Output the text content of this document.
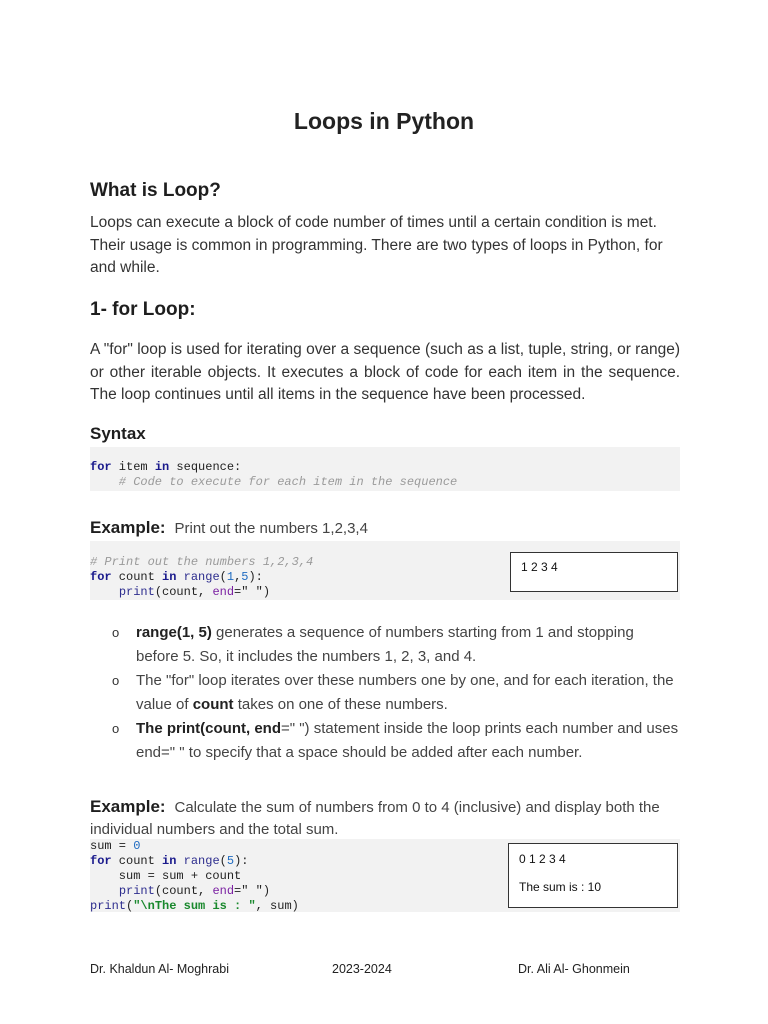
Loops in Python
What is Loop?
Loops can execute a block of code number of times until a certain condition is met. Their usage is common in programming. There are two types of loops in Python, for and while.
1- for Loop:
A "for" loop is used for iterating over a sequence (such as a list, tuple, string, or range) or other iterable objects. It executes a block of code for each item in the sequence. The loop continues until all items in the sequence have been processed.
Syntax
for item in sequence:
# Code to execute for each item in the sequence
Example: Print out the numbers 1,2,3,4
# Print out the numbers 1,2,3,4
for count in range(1,5):
print(count, end=" ")
1 2 3 4
o range(1, 5) generates a sequence of numbers starting from 1 and stopping before 5. So, it includes the numbers 1, 2, 3, and 4.
o The "for" loop iterates over these numbers one by one, and for each iteration, the value of count takes on one of these numbers.
o The print(count, end=" ") statement inside the loop prints each number and uses end=" " to specify that a space should be added after each number.
Example: Calculate the sum of numbers from 0 to 4 (inclusive) and display both the individual numbers and the total sum.
sum = 0
for count in range(5):
sum = sum + count
print(count, end=" ")
print("\nThe sum is : ", sum)
0 1 2 3 4
The sum is : 10
Dr. Khaldun Al- Moghrabi	2023-2024	Dr. Ali Al- Ghonmein
